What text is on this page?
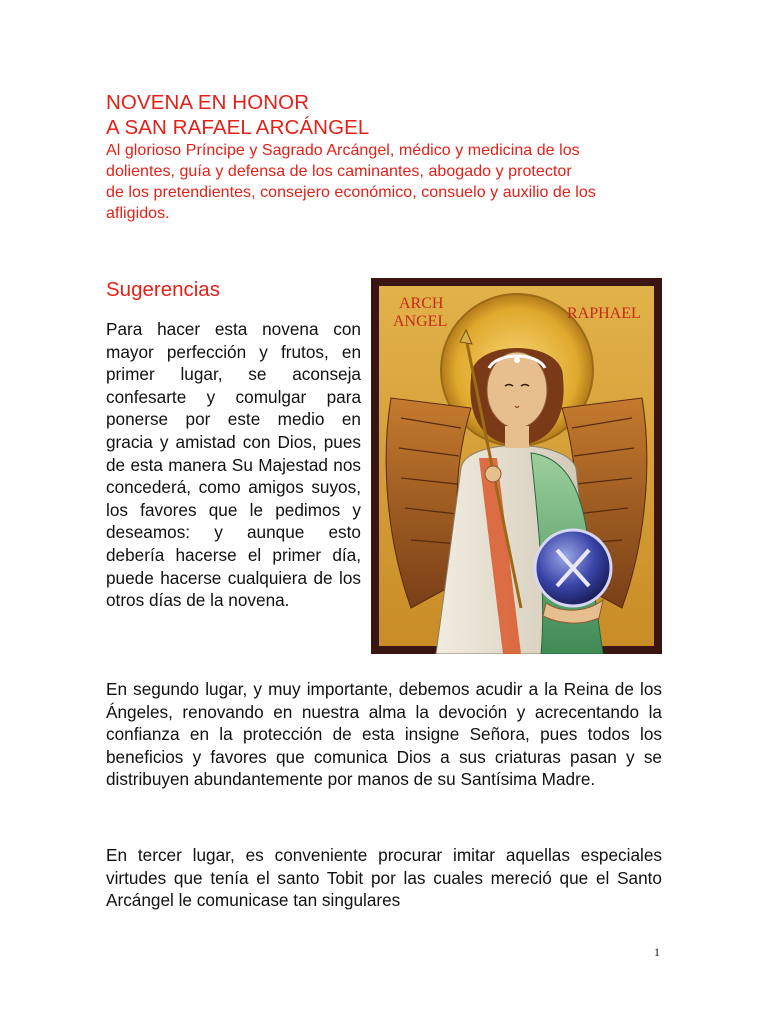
NOVENA EN HONOR
A SAN RAFAEL ARCÁNGEL

Al glorioso Príncipe y Sagrado Arcángel, médico y medicina de los
dolientes, guía y defensa de los caminantes, abogado y protector
de los pretendientes, consejero económico, consuelo y auxilio de los
afligidos.

Sugerencias

Para hacer esta novena con mayor perfección y frutos, en primer lugar, se aconseja confesarte y comulgar para ponerse por este medio en gracia y amistad con Dios, pues de esta manera Su Majestad nos concederá, como amigos suyos, los favores que le pedimos y deseamos: y aunque esto debería hacerse el primer día, puede hacerse cualquiera de los otros días de la novena.

ARCH
ANGEL	RAPHAEL

En segundo lugar, y muy importante, debemos acudir a la Reina de los Ángeles, renovando en nuestra alma la devoción y acrecentando la confianza en la protección de esta insigne Señora, pues todos los beneficios y favores que comunica Dios a sus criaturas pasan y se distribuyen abundantemente por manos de su Santísima Madre.

En tercer lugar, es conveniente procurar imitar aquellas especiales virtudes que tenía el santo Tobit por las cuales mereció que el Santo Arcángel le comunicase tan singulares

1
